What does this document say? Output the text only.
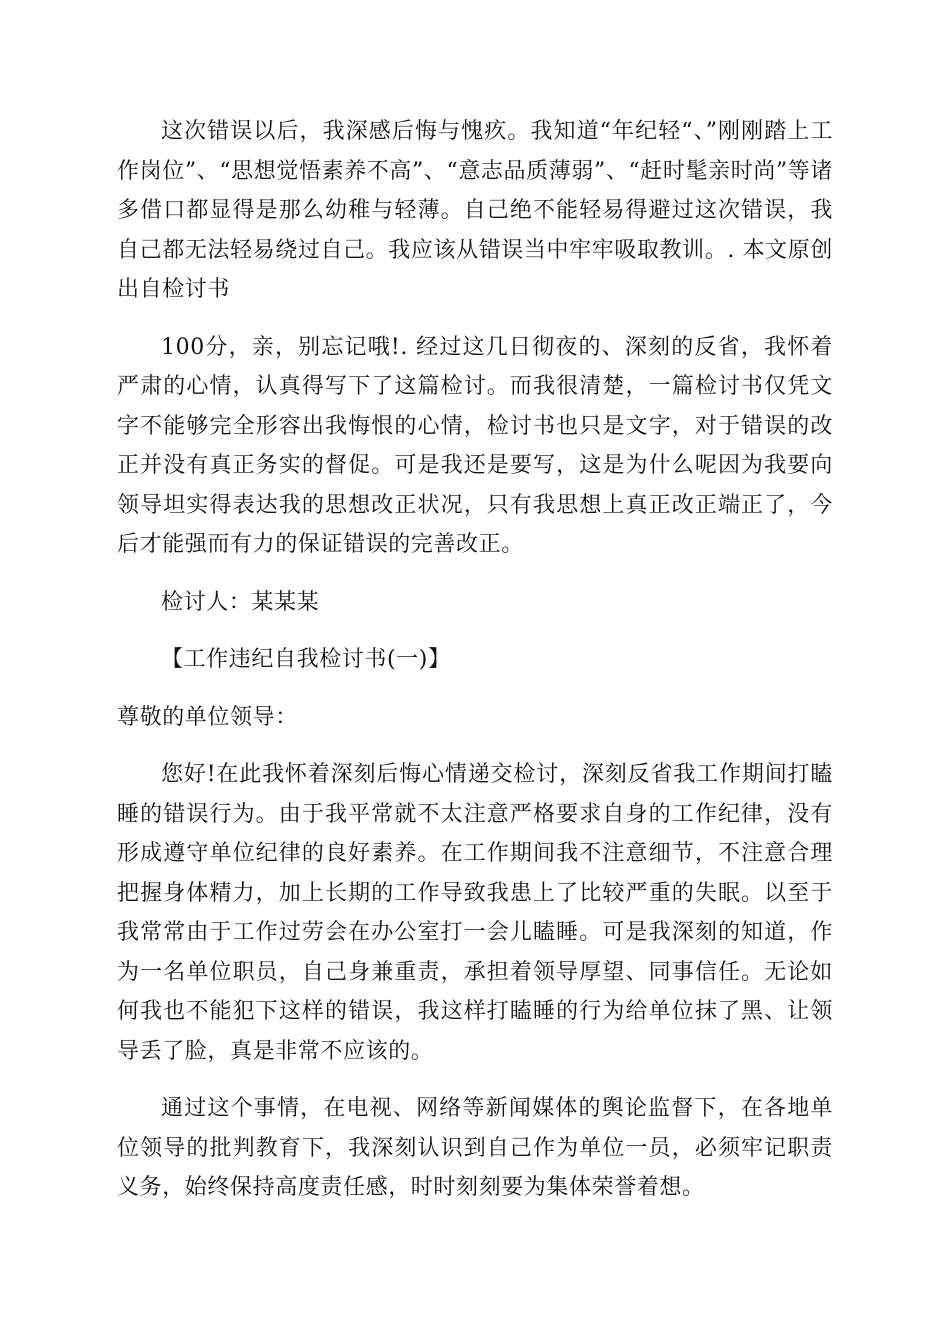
这次错误以后，我深感后悔与愧疚。我知道“年纪轻“、”刚刚踏上工作岗位”、“思想觉悟素养不高”、“意志品质薄弱”、“赶时髦亲时尚”等诸多借口都显得是那么幼稚与轻薄。自己绝不能轻易得避过这次错误，我自己都无法轻易绕过自己。我应该从错误当中牢牢吸取教训。. 本文原创出自检讨书

100分，亲，别忘记哦!. 经过这几日彻夜的、深刻的反省，我怀着严肃的心情，认真得写下了这篇检讨。而我很清楚，一篇检讨书仅凭文字不能够完全形容出我悔恨的心情，检讨书也只是文字，对于错误的改正并没有真正务实的督促。可是我还是要写，这是为什么呢因为我要向领导坦实得表达我的思想改正状况，只有我思想上真正改正端正了，今后才能强而有力的保证错误的完善改正。

检讨人：某某某

【工作违纪自我检讨书(一)】

尊敬的单位领导：

您好!在此我怀着深刻后悔心情递交检讨，深刻反省我工作期间打瞌睡的错误行为。由于我平常就不太注意严格要求自身的工作纪律，没有形成遵守单位纪律的良好素养。在工作期间我不注意细节，不注意合理把握身体精力，加上长期的工作导致我患上了比较严重的失眠。以至于我常常由于工作过劳会在办公室打一会儿瞌睡。可是我深刻的知道，作为一名单位职员，自己身兼重责，承担着领导厚望、同事信任。无论如何我也不能犯下这样的错误，我这样打瞌睡的行为给单位抹了黑、让领导丢了脸，真是非常不应该的。

通过这个事情，在电视、网络等新闻媒体的舆论监督下，在各地单位领导的批判教育下，我深刻认识到自己作为单位一员，必须牢记职责义务，始终保持高度责任感，时时刻刻要为集体荣誉着想。
